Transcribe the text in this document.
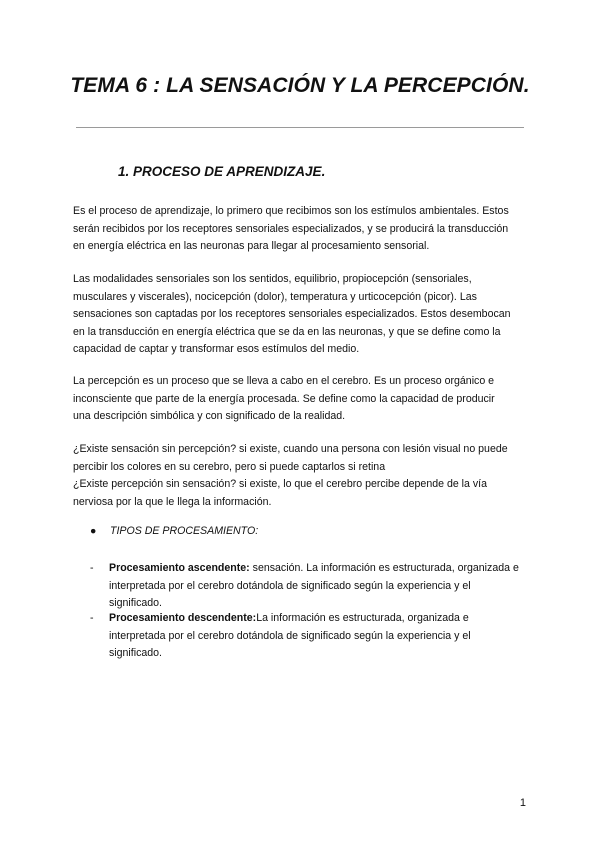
TEMA 6 : LA SENSACIÓN Y LA PERCEPCIÓN.
1. PROCESO DE APRENDIZAJE.

Es el proceso de aprendizaje, lo primero que recibimos son los estímulos ambientales. Estos
serán recibidos por los receptores sensoriales especializados, y se producirá la transducción
en energía eléctrica en las neuronas para llegar al procesamiento sensorial.

Las modalidades sensoriales son los sentidos, equilibrio, propiocepción (sensoriales,
musculares y viscerales), nocicepción (dolor), temperatura y urticocepción (picor). Las
sensaciones son captadas por los receptores sensoriales especializados. Estos desembocan
en la transducción en energía eléctrica que se da en las neuronas, y que se define como la
capacidad de captar y transformar esos estímulos del medio.

La percepción es un proceso que se lleva a cabo en el cerebro. Es un proceso orgánico e
inconsciente que parte de la energía procesada. Se define como la capacidad de producir
una descripción simbólica y con significado de la realidad.

¿Existe sensación sin percepción? si existe, cuando una persona con lesión visual no puede
percibir los colores en su cerebro, pero si puede captarlos si retina
¿Existe percepción sin sensación? si existe, lo que el cerebro percibe depende de la vía
nerviosa por la que le llega la información.

● TIPOS DE PROCESAMIENTO:
- Procesamiento ascendente: sensación. La información es estructurada, organizada e
interpretada por el cerebro dotándola de significado según la experiencia y el
significado.
- Procesamiento descendente:La información es estructurada, organizada e
interpretada por el cerebro dotándola de significado según la experiencia y el
significado.
1
